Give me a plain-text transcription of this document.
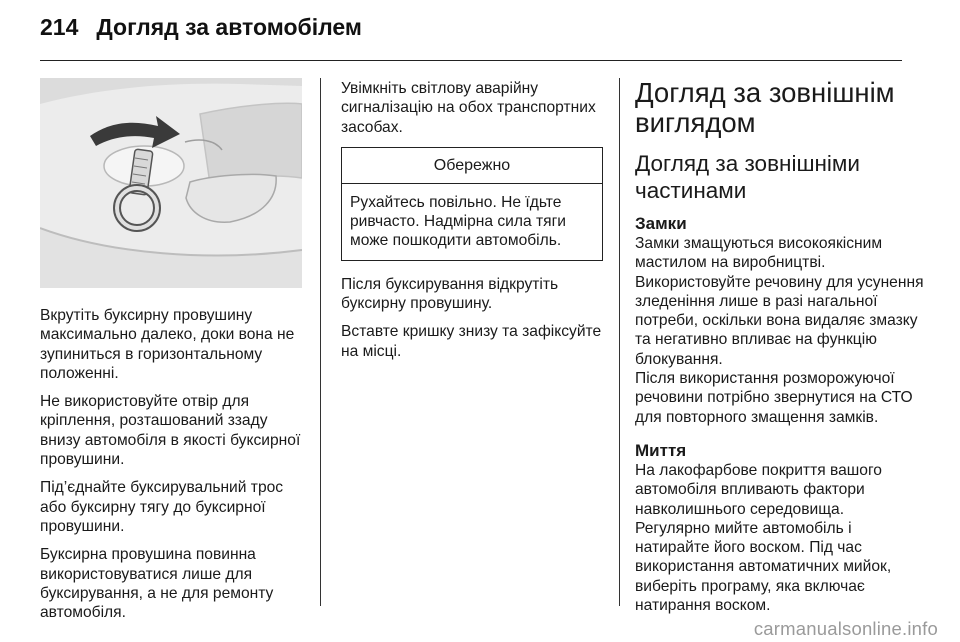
214 Догляд за автомобілем

Вкрутіть буксирну провушину максимально далеко, доки вона не зупиниться в горизонтальному положенні.

Не використовуйте отвір для кріплення, розташований ззаду внизу автомобіля в якості буксирної провушини.

Під’єднайте буксирувальний трос або буксирну тягу до буксирної провушини.

Буксирна провушина повинна використовуватися лише для буксирування, а не для ремонту автомобіля.

Увімкніть світлову аварійну сигналізацію на обох транспортних засобах.

Обережно
Рухайтесь повільно. Не їдьте ривчасто. Надмірна сила тяги може пошкодити автомобіль.

Після буксирування відкрутіть буксирну провушину.

Вставте кришку знизу та зафіксуйте на місці.

Догляд за зовнішнім виглядом
Догляд за зовнішніми частинами
Замки

Замки змащуються високоякісним мастилом на виробництві.

Використовуйте речовину для усунення зледеніння лише в разі нагальної потреби, оскільки вона видаляє змазку та негативно впливає на функцію блокування.

Після використання розморожуючої речовини потрібно звернутися на СТО для повторного змащення замків.

Миття

На лакофарбове покриття вашого автомобіля впливають фактори навколишнього середовища.

Регулярно мийте автомобіль і натирайте його воском. Під час використання автоматичних мийок, виберіть програму, яка включає натирання воском.

carmanualsonline.info
